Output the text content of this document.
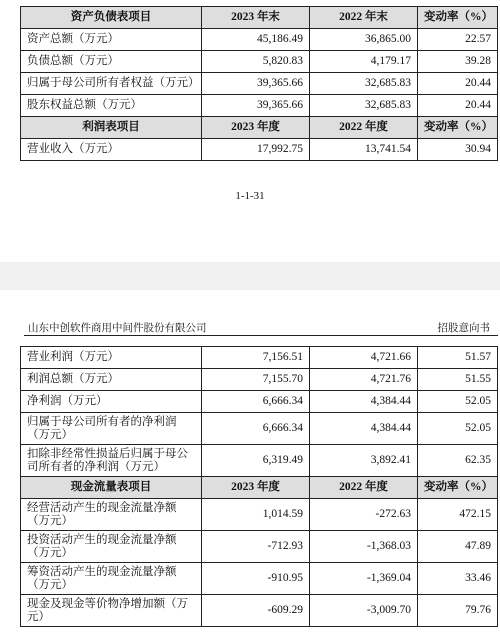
资产负债表项目	2023 年末	2022 年末	变动率（%）
资产总额（万元）	45,186.49	36,865.00	22.57
负债总额（万元）	5,820.83	4,179.17	39.28
归属于母公司所有者权益（万元）	39,365.66	32,685.83	20.44
股东权益总额（万元）	39,365.66	32,685.83	20.44
利润表项目	2023 年度	2022 年度	变动率（%）
营业收入（万元）	17,992.75	13,741.54	30.94
1-1-31
山东中创软件商用中间件股份有限公司	招股意向书
营业利润（万元）	7,156.51	4,721.66	51.57
利润总额（万元）	7,155.70	4,721.76	51.55
净利润（万元）	6,666.34	4,384.44	52.05
归属于母公司所有者的净利润（万元）	6,666.34	4,384.44	52.05
扣除非经常性损益后归属于母公司所有者的净利润（万元）	6,319.49	3,892.41	62.35
现金流量表项目	2023 年度	2022 年度	变动率（%）
经营活动产生的现金流量净额（万元）	1,014.59	-272.63	472.15
投资活动产生的现金流量净额（万元）	-712.93	-1,368.03	47.89
筹资活动产生的现金流量净额（万元）	-910.95	-1,369.04	33.46
现金及现金等价物净增加额（万元）	-609.29	-3,009.70	79.76
